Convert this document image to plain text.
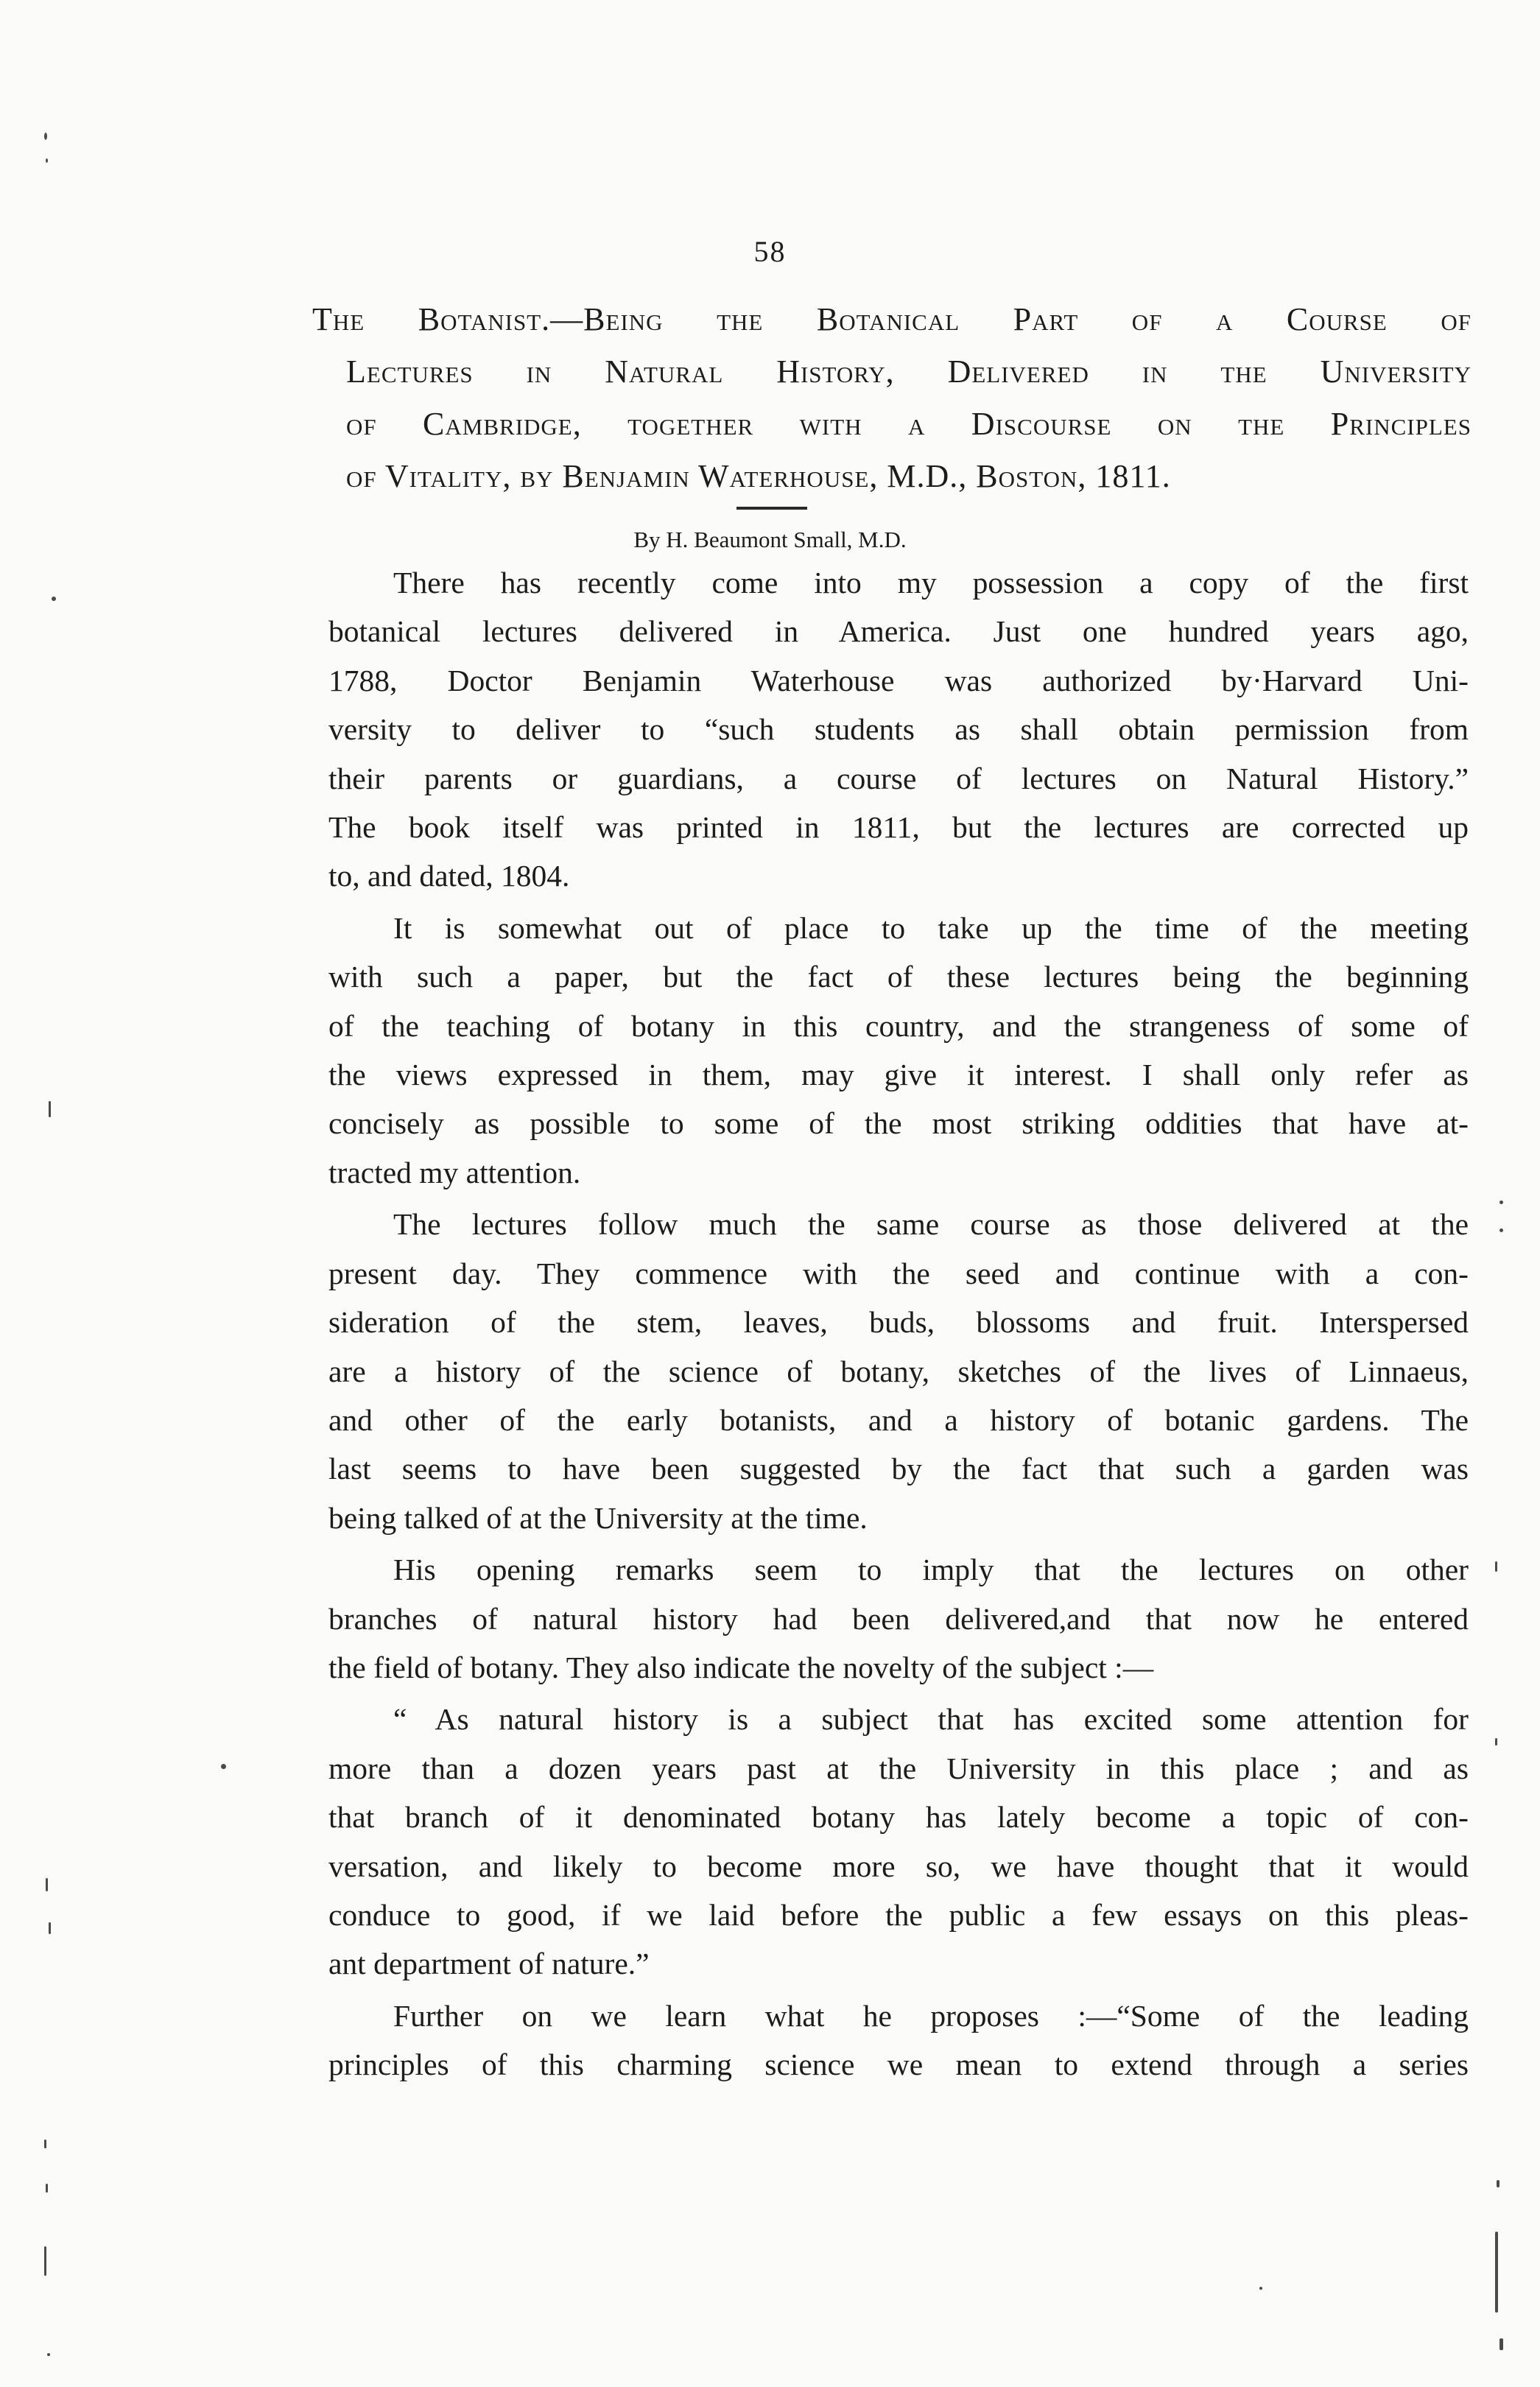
58
The Botanist.—Being the Botanical Part of a Course of
Lectures in Natural History, Delivered in the University
of Cambridge, together with a Discourse on the Principles
of Vitality, by Benjamin Waterhouse, M.D., Boston, 1811.
By H. Beaumont Small, M.D.
There has recently come into my possession a copy of the first
botanical lectures delivered in America. Just one hundred years ago,
1788, Doctor Benjamin Waterhouse was authorized by·Harvard Uni-
versity to deliver to “such students as shall obtain permission from
their parents or guardians, a course of lectures on Natural History.”
The book itself was printed in 1811, but the lectures are corrected up
to, and dated, 1804.
It is somewhat out of place to take up the time of the meeting
with such a paper, but the fact of these lectures being the beginning
of the teaching of botany in this country, and the strangeness of some of
the views expressed in them, may give it interest. I shall only refer as
concisely as possible to some of the most striking oddities that have at-
tracted my attention.
The lectures follow much the same course as those delivered at the
present day. They commence with the seed and continue with a con-
sideration of the stem, leaves, buds, blossoms and fruit. Interspersed
are a history of the science of botany, sketches of the lives of Linnaeus,
and other of the early botanists, and a history of botanic gardens. The
last seems to have been suggested by the fact that such a garden was
being talked of at the University at the time.
His opening remarks seem to imply that the lectures on other
branches of natural history had been delivered,and that now he entered
the field of botany. They also indicate the novelty of the subject :—
“ As natural history is a subject that has excited some attention for
more than a dozen years past at the University in this place ; and as
that branch of it denominated botany has lately become a topic of con-
versation, and likely to become more so, we have thought that it would
conduce to good, if we laid before the public a few essays on this pleas-
ant department of nature.”
Further on we learn what he proposes :—“Some of the leading
principles of this charming science we mean to extend through a series
